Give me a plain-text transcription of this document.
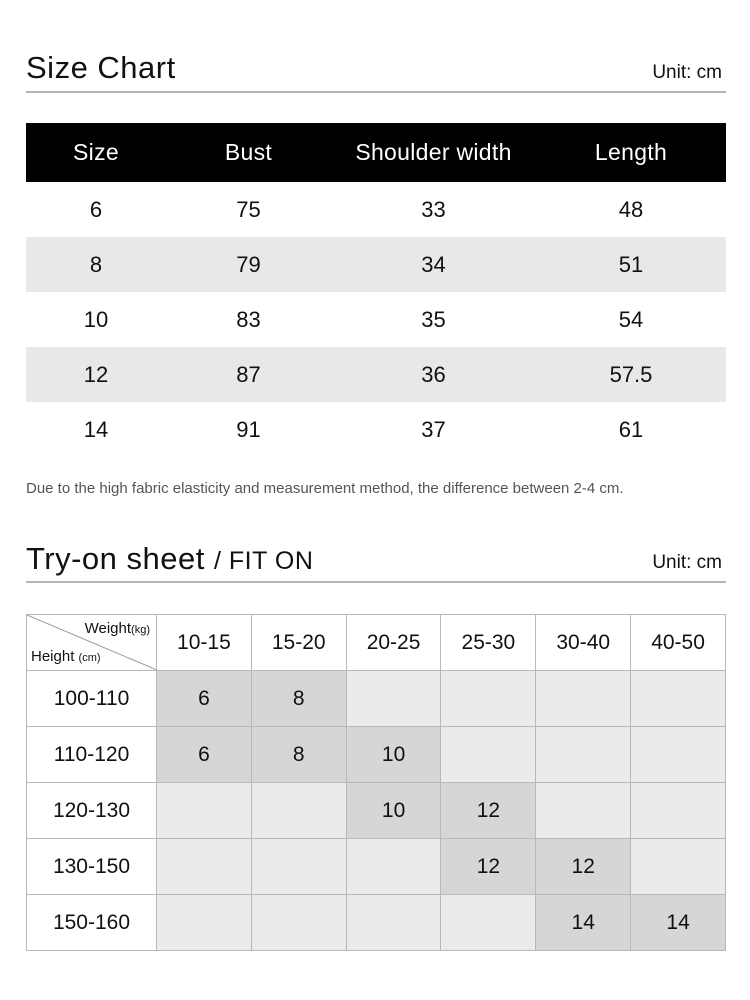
Size Chart	Unit: cm
Size	Bust	Shoulder width	Length
6	75	33	48
8	79	34	51
10	83	35	54
12	87	36	57.5
14	91	37	61
Due to the high fabric elasticity and measurement method, the difference between 2-4 cm.
Try-on sheet / FIT ON	Unit: cm
Weight(kg)
Height (cm)	10-15	15-20	20-25	25-30	30-40	40-50
100-110	6	8				
110-120	6	8	10			
120-130			10	12		
130-150				12	12	
150-160					14	14
